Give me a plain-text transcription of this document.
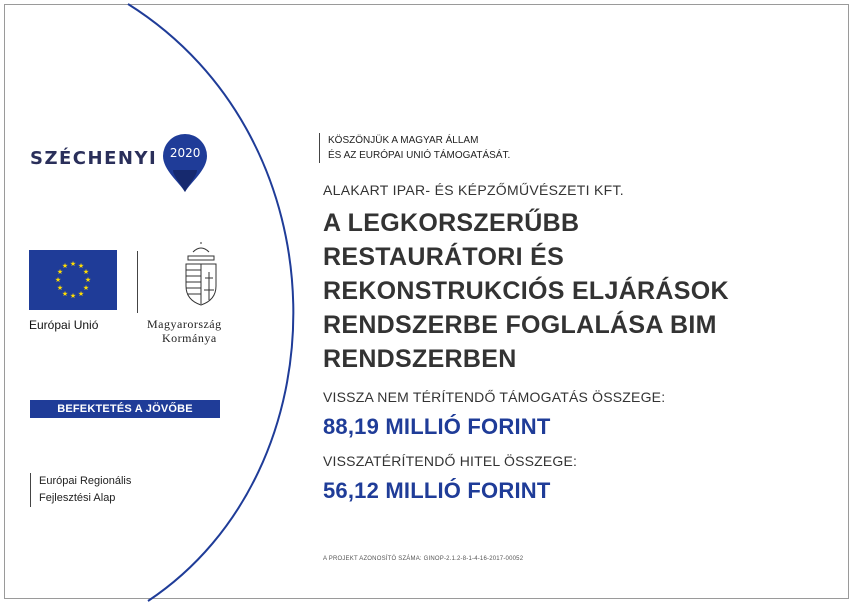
SZÉCHENYI	2020
★ ★
★
★
★
★
★
★
★
★
★
★
Európai Unió	Magyarország
Kormánya
BEFEKTETÉS A JÖVŐBE
Európai Regionális
Fejlesztési Alap
KÖSZÖNJÜK A MAGYAR ÁLLAM
ÉS AZ EURÓPAI UNIÓ TÁMOGATÁSÁT.
ALAKART IPAR- ÉS KÉPZŐMŰVÉSZETI KFT.
A LEGKORSZERŰBB
RESTAURÁTORI ÉS
REKONSTRUKCIÓS ELJÁRÁSOK
RENDSZERBE FOGLALÁSA BIM
RENDSZERBEN
VISSZA NEM TÉRÍTENDŐ TÁMOGATÁS ÖSSZEGE:
88,19 MILLIÓ FORINT
VISSZATÉRÍTENDŐ HITEL ÖSSZEGE:
56,12 MILLIÓ FORINT
A PROJEKT AZONOSÍTÓ SZÁMA: GINOP-2.1.2-8-1-4-16-2017-00052
